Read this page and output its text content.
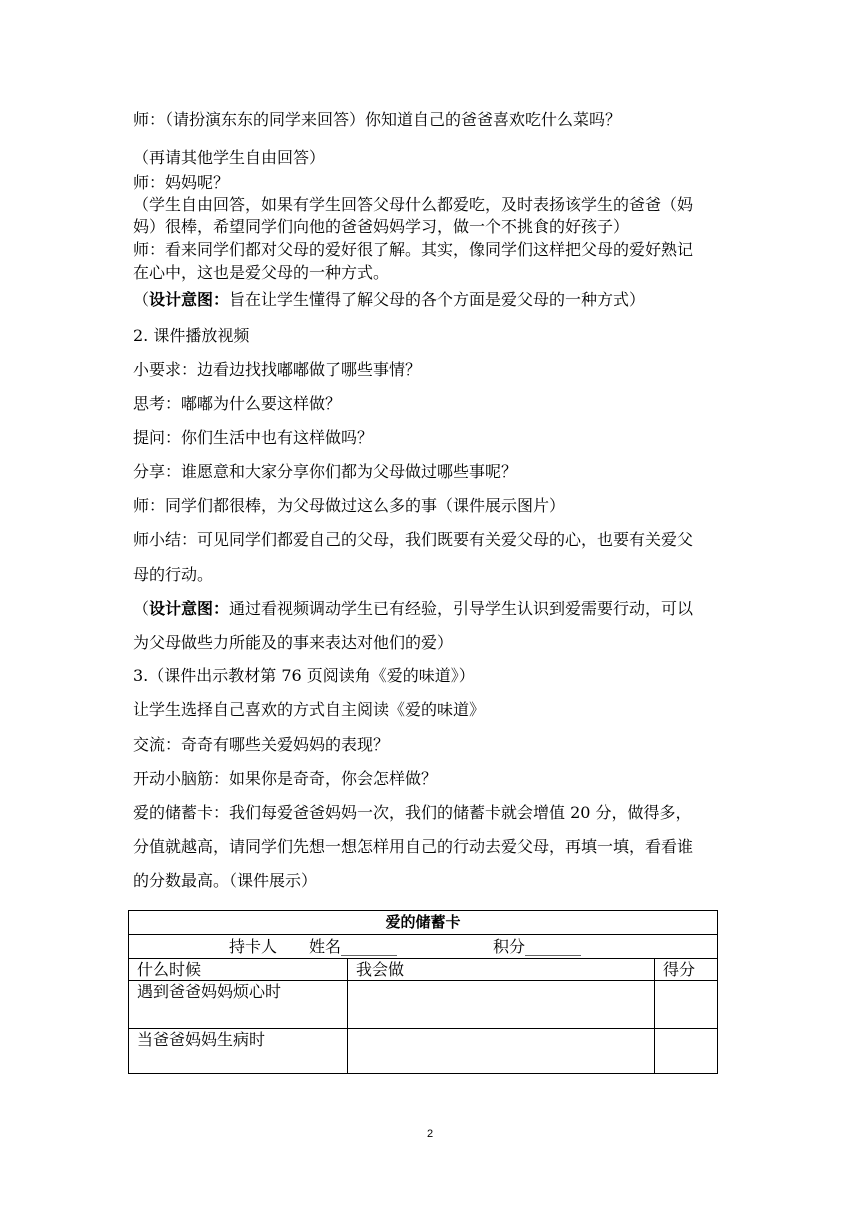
师：（请扮演东东的同学来回答）你知道自己的爸爸喜欢吃什么菜吗？
（再请其他学生自由回答）
师：妈妈呢？
（学生自由回答，如果有学生回答父母什么都爱吃，及时表扬该学生的爸爸（妈
妈）很棒，希望同学们向他的爸爸妈妈学习，做一个不挑食的好孩子）
师：看来同学们都对父母的爱好很了解。其实，像同学们这样把父母的爱好熟记
在心中，这也是爱父母的一种方式。
（设计意图：旨在让学生懂得了解父母的各个方面是爱父母的一种方式）
2. 课件播放视频
小要求：边看边找找嘟嘟做了哪些事情？
思考：嘟嘟为什么要这样做？
提问：你们生活中也有这样做吗？
分享：谁愿意和大家分享你们都为父母做过哪些事呢？
师：同学们都很棒，为父母做过这么多的事（课件展示图片）
师小结：可见同学们都爱自己的父母，我们既要有关爱父母的心，也要有关爱父
母的行动。
（设计意图：通过看视频调动学生已有经验，引导学生认识到爱需要行动，可以
为父母做些力所能及的事来表达对他们的爱）
3.（课件出示教材第 76 页阅读角《爱的味道》）
让学生选择自己喜欢的方式自主阅读《爱的味道》
交流：奇奇有哪些关爱妈妈的表现？
开动小脑筋：如果你是奇奇，你会怎样做？
爱的储蓄卡：我们每爱爸爸妈妈一次，我们的储蓄卡就会增值 20 分，做得多，
分值就越高，请同学们先想一想怎样用自己的行动去爱父母，再填一填，看看谁
的分数最高。（课件展示）
爱的储蓄卡
持卡人　　姓名_______　　　　　　积分_______
什么时候	我会做	得分
遇到爸爸妈妈烦心时
当爸爸妈妈生病时
2
